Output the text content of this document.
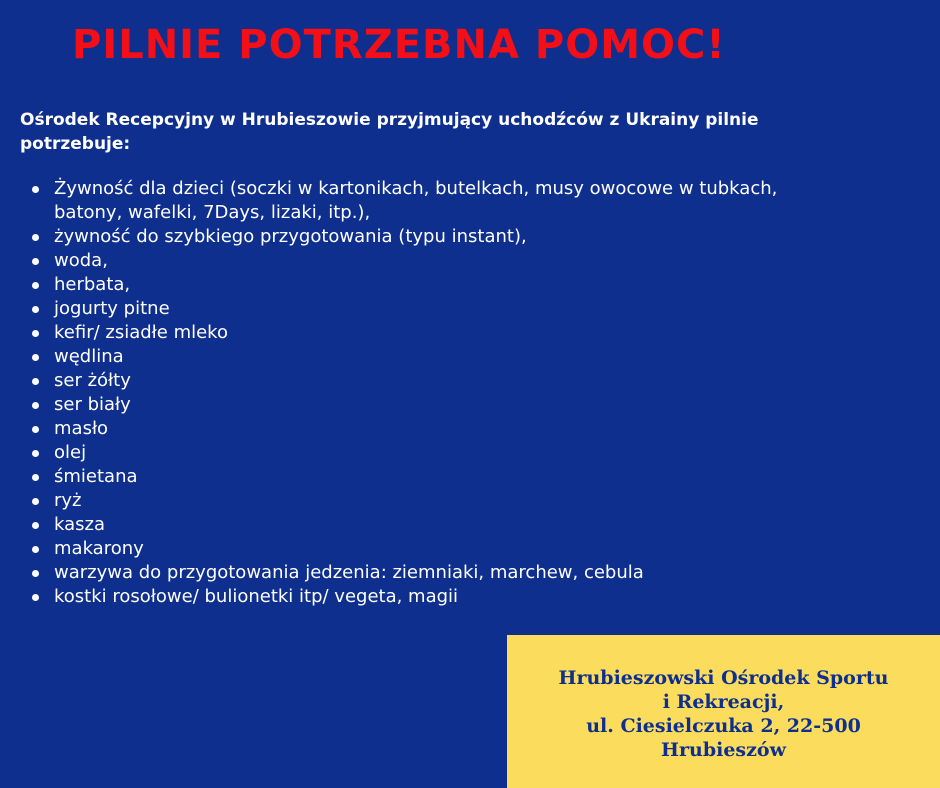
PILNIE POTRZEBNA POMOC!

Ośrodek Recepcyjny w Hrubieszowie przyjmujący uchodźców z Ukrainy pilnie potrzebuje:

Żywność dla dzieci (soczki w kartonikach, butelkach, musy owocowe w tubkach, batony, wafelki, 7Days, lizaki, itp.),
żywność do szybkiego przygotowania (typu instant),
woda,
herbata,
jogurty pitne
kefir/ zsiadłe mleko
wędlina
ser żółty
ser biały
masło
olej
śmietana
ryż
kasza
makarony
warzywa do przygotowania jedzenia: ziemniaki, marchew, cebula
kostki rosołowe/ bulionetki itp/ vegeta, magii

Hrubieszowski Ośrodek Sportu
i Rekreacji,
ul. Ciesielczuka 2, 22-500
Hrubieszów
